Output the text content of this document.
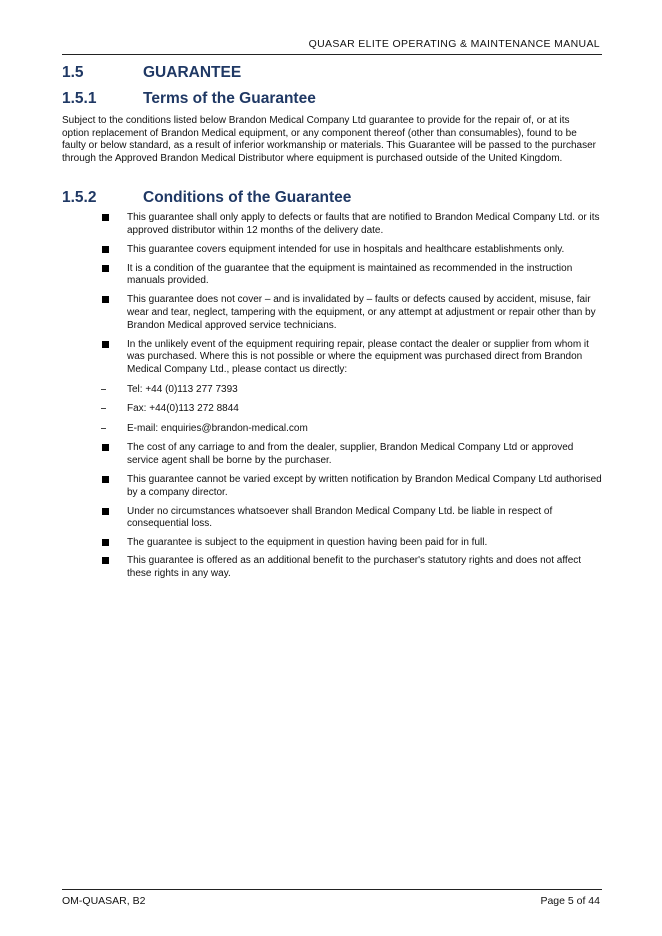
QUASAR ELITE OPERATING & MAINTENANCE MANUAL
1.5	GUARANTEE
1.5.1	Terms of the Guarantee

Subject to the conditions listed below Brandon Medical Company Ltd guarantee to provide for the repair of, or at its option replacement of Brandon Medical equipment, or any component thereof (other than consumables), found to be faulty or below standard, as a result of inferior workmanship or materials. This Guarantee will be passed to the purchaser through the Approved Brandon Medical Distributor where equipment is purchased outside of the United Kingdom.

1.5.2	Conditions of the Guarantee
This guarantee shall only apply to defects or faults that are notified to Brandon Medical Company Ltd. or its approved distributor within 12 months of the delivery date.
This guarantee covers equipment intended for use in hospitals and healthcare establishments only.
It is a condition of the guarantee that the equipment is maintained as recommended in the instruction manuals provided.
This guarantee does not cover – and is invalidated by – faults or defects caused by accident, misuse, fair wear and tear, neglect, tampering with the equipment, or any attempt at adjustment or repair other than by Brandon Medical approved service technicians.
In the unlikely event of the equipment requiring repair, please contact the dealer or supplier from whom it was purchased. Where this is not possible or where the equipment was purchased direct from Brandon Medical Company Ltd., please contact us directly:
Tel: +44 (0)113 277 7393
Fax: +44(0)113 272 8844
E-mail: enquiries@brandon-medical.com
The cost of any carriage to and from the dealer, supplier, Brandon Medical Company Ltd or approved service agent shall be borne by the purchaser.
This guarantee cannot be varied except by written notification by Brandon Medical Company Ltd authorised by a company director.
Under no circumstances whatsoever shall Brandon Medical Company Ltd. be liable in respect of consequential loss.
The guarantee is subject to the equipment in question having been paid for in full.
This guarantee is offered as an additional benefit to the purchaser's statutory rights and does not affect these rights in any way.
OM-QUASAR, B2	Page 5 of 44
